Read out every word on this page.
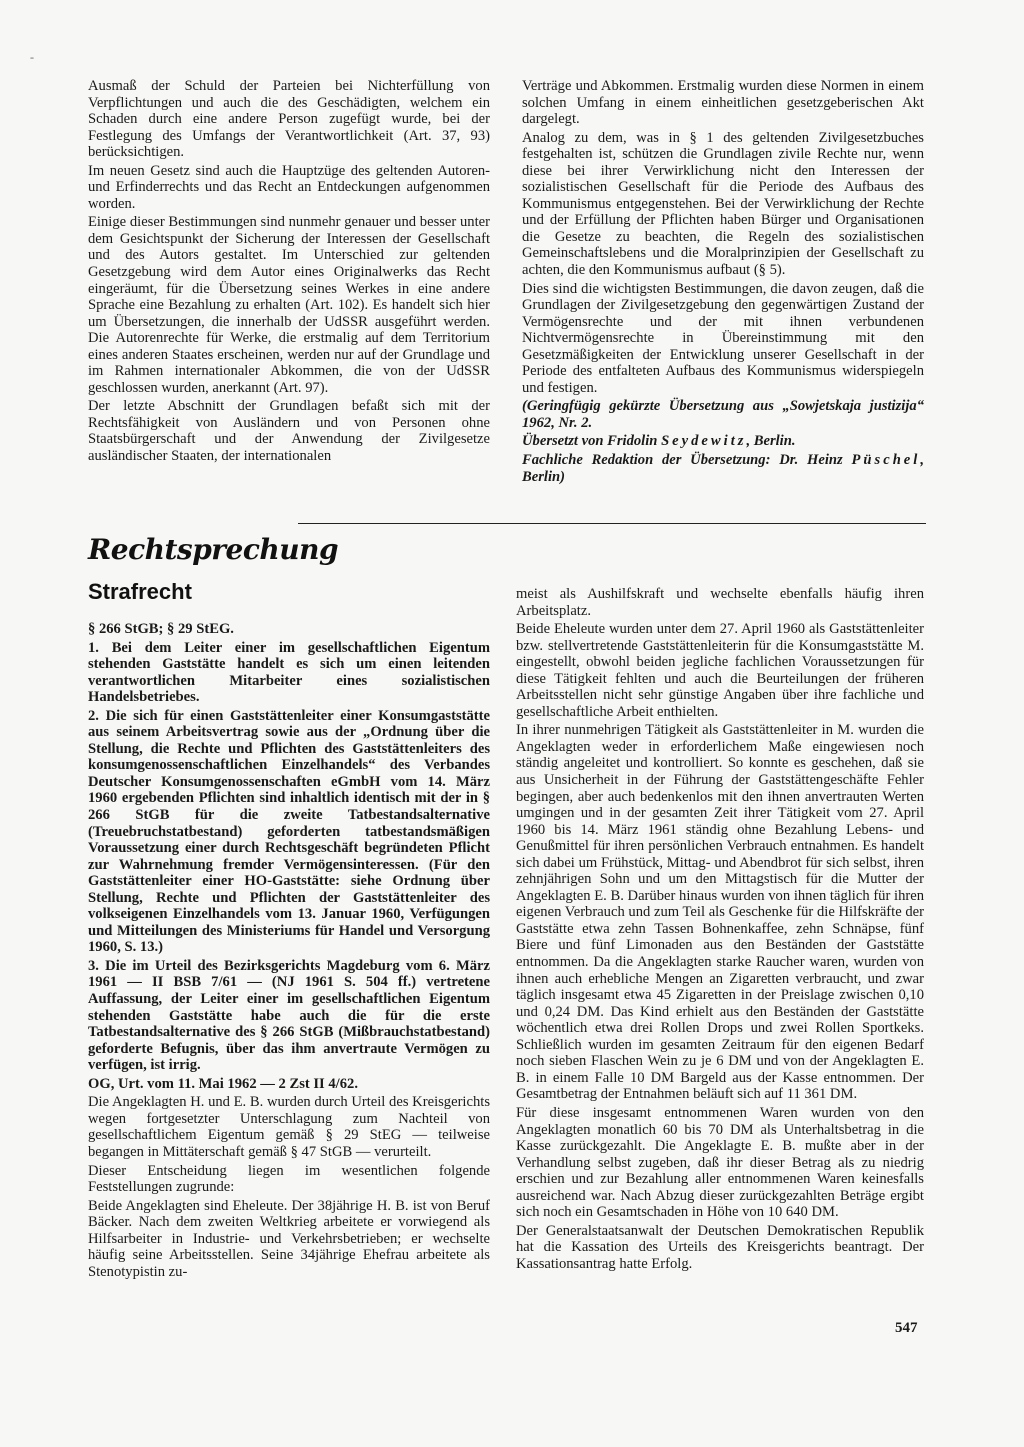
-

Ausmaß der Schuld der Parteien bei Nichterfüllung von Verpflichtungen und auch die des Geschädigten, welchem ein Schaden durch eine andere Person zugefügt wurde, bei der Festlegung des Umfangs der Verantwortlichkeit (Art. 37, 93) berücksichtigen.

Im neuen Gesetz sind auch die Hauptzüge des geltenden Autoren- und Erfinderrechts und das Recht an Entdeckungen aufgenommen worden.

Einige dieser Bestimmungen sind nunmehr genauer und besser unter dem Gesichtspunkt der Sicherung der Interessen der Gesellschaft und des Autors gestaltet. Im Unterschied zur geltenden Gesetzgebung wird dem Autor eines Originalwerks das Recht eingeräumt, für die Übersetzung seines Werkes in eine andere Sprache eine Bezahlung zu erhalten (Art. 102). Es handelt sich hier um Übersetzungen, die innerhalb der UdSSR ausgeführt werden. Die Autorenrechte für Werke, die erstmalig auf dem Territorium eines anderen Staates erscheinen, werden nur auf der Grundlage und im Rahmen internationaler Abkommen, die von der UdSSR geschlossen wurden, anerkannt (Art. 97).

Der letzte Abschnitt der Grundlagen befaßt sich mit der Rechtsfähigkeit von Ausländern und von Personen ohne Staatsbürgerschaft und der Anwendung der Zivilgesetze ausländischer Staaten, der internationalen

Verträge und Abkommen. Erstmalig wurden diese Normen in einem solchen Umfang in einem einheitlichen gesetzgeberischen Akt dargelegt.

Analog zu dem, was in § 1 des geltenden Zivilgesetzbuches festgehalten ist, schützen die Grundlagen zivile Rechte nur, wenn diese bei ihrer Verwirklichung nicht den Interessen der sozialistischen Gesellschaft für die Periode des Aufbaus des Kommunismus entgegenstehen. Bei der Verwirklichung der Rechte und der Erfüllung der Pflichten haben Bürger und Organisationen die Gesetze zu beachten, die Regeln des sozialistischen Gemeinschaftslebens und die Moralprinzipien der Gesellschaft zu achten, die den Kommunismus aufbaut (§ 5).

Dies sind die wichtigsten Bestimmungen, die davon zeugen, daß die Grundlagen der Zivilgesetzgebung den gegenwärtigen Zustand der Vermögensrechte und der mit ihnen verbundenen Nichtvermögensrechte in Übereinstimmung mit den Gesetzmäßigkeiten der Entwicklung unserer Gesellschaft in der Periode des entfalteten Aufbaus des Kommunismus widerspiegeln und festigen.

(Geringfügig gekürzte Übersetzung aus „Sowjetskaja justizija“ 1962, Nr. 2.

Übersetzt von Fridolin Seydewitz, Berlin.

Fachliche Redaktion der Übersetzung: Dr. Heinz Püschel, Berlin)

Rechtsprechung
Strafrecht

§ 266 StGB; § 29 StEG.

1. Bei dem Leiter einer im gesellschaftlichen Eigentum stehenden Gaststätte handelt es sich um einen leitenden verantwortlichen Mitarbeiter eines sozialistischen Handelsbetriebes.

2. Die sich für einen Gaststättenleiter einer Konsumgaststätte aus seinem Arbeitsvertrag sowie aus der „Ordnung über die Stellung, die Rechte und Pflichten des Gaststättenleiters des konsumgenossenschaftlichen Einzelhandels“ des Verbandes Deutscher Konsumgenossenschaften eGmbH vom 14. März 1960 ergebenden Pflichten sind inhaltlich identisch mit der in § 266 StGB für die zweite Tatbestandsalternative (Treuebruchstatbestand) geforderten tatbestandsmäßigen Voraussetzung einer durch Rechtsgeschäft begründeten Pflicht zur Wahrnehmung fremder Vermögensinteressen. (Für den Gaststättenleiter einer HO-Gaststätte: siehe Ordnung über Stellung, Rechte und Pflichten der Gaststättenleiter des volkseigenen Einzelhandels vom 13. Januar 1960, Verfügungen und Mitteilungen des Ministeriums für Handel und Versorgung 1960, S. 13.)

3. Die im Urteil des Bezirksgerichts Magdeburg vom 6. März 1961 — II BSB 7/61 — (NJ 1961 S. 504 ff.) vertretene Auffassung, der Leiter einer im gesellschaftlichen Eigentum stehenden Gaststätte habe auch die für die erste Tatbestandsalternative des § 266 StGB (Mißbrauchstatbestand) geforderte Befugnis, über das ihm anvertraute Vermögen zu verfügen, ist irrig.

OG, Urt. vom 11. Mai 1962 — 2 Zst II 4/62.

Die Angeklagten H. und E. B. wurden durch Urteil des Kreisgerichts wegen fortgesetzter Unterschlagung zum Nachteil von gesellschaftlichem Eigentum gemäß § 29 StEG — teilweise begangen in Mittäterschaft gemäß § 47 StGB — verurteilt.

Dieser Entscheidung liegen im wesentlichen folgende Feststellungen zugrunde:

Beide Angeklagten sind Eheleute. Der 38jährige H. B. ist von Beruf Bäcker. Nach dem zweiten Weltkrieg arbeitete er vorwiegend als Hilfsarbeiter in Industrie- und Verkehrsbetrieben; er wechselte häufig seine Arbeitsstellen. Seine 34jährige Ehefrau arbeitete als Stenotypistin zu-

meist als Aushilfskraft und wechselte ebenfalls häufig ihren Arbeitsplatz.

Beide Eheleute wurden unter dem 27. April 1960 als Gaststättenleiter bzw. stellvertretende Gaststättenleiterin für die Konsumgaststätte M. eingestellt, obwohl beiden jegliche fachlichen Voraussetzungen für diese Tätigkeit fehlten und auch die Beurteilungen der früheren Arbeitsstellen nicht sehr günstige Angaben über ihre fachliche und gesellschaftliche Arbeit enthielten.

In ihrer nunmehrigen Tätigkeit als Gaststättenleiter in M. wurden die Angeklagten weder in erforderlichem Maße eingewiesen noch ständig angeleitet und kontrolliert. So konnte es geschehen, daß sie aus Unsicherheit in der Führung der Gaststättengeschäfte Fehler begingen, aber auch bedenkenlos mit den ihnen anvertrauten Werten umgingen und in der gesamten Zeit ihrer Tätigkeit vom 27. April 1960 bis 14. März 1961 ständig ohne Bezahlung Lebens- und Genußmittel für ihren persönlichen Verbrauch entnahmen. Es handelt sich dabei um Frühstück, Mittag- und Abendbrot für sich selbst, ihren zehnjährigen Sohn und um den Mittagstisch für die Mutter der Angeklagten E. B. Darüber hinaus wurden von ihnen täglich für ihren eigenen Verbrauch und zum Teil als Geschenke für die Hilfskräfte der Gaststätte etwa zehn Tassen Bohnenkaffee, zehn Schnäpse, fünf Biere und fünf Limonaden aus den Beständen der Gaststätte entnommen. Da die Angeklagten starke Raucher waren, wurden von ihnen auch erhebliche Mengen an Zigaretten verbraucht, und zwar täglich insgesamt etwa 45 Zigaretten in der Preislage zwischen 0,10 und 0,24 DM. Das Kind erhielt aus den Beständen der Gaststätte wöchentlich etwa drei Rollen Drops und zwei Rollen Sportkeks. Schließlich wurden im gesamten Zeitraum für den eigenen Bedarf noch sieben Flaschen Wein zu je 6 DM und von der Angeklagten E. B. in einem Falle 10 DM Bargeld aus der Kasse entnommen. Der Gesamtbetrag der Entnahmen beläuft sich auf 11 361 DM.

Für diese insgesamt entnommenen Waren wurden von den Angeklagten monatlich 60 bis 70 DM als Unterhaltsbetrag in die Kasse zurückgezahlt. Die Angeklagte E. B. mußte aber in der Verhandlung selbst zugeben, daß ihr dieser Betrag als zu niedrig erschien und zur Bezahlung aller entnommenen Waren keinesfalls ausreichend war. Nach Abzug dieser zurückgezahlten Beträge ergibt sich noch ein Gesamtschaden in Höhe von 10 640 DM.

Der Generalstaatsanwalt der Deutschen Demokratischen Republik hat die Kassation des Urteils des Kreisgerichts beantragt. Der Kassationsantrag hatte Erfolg.

547
